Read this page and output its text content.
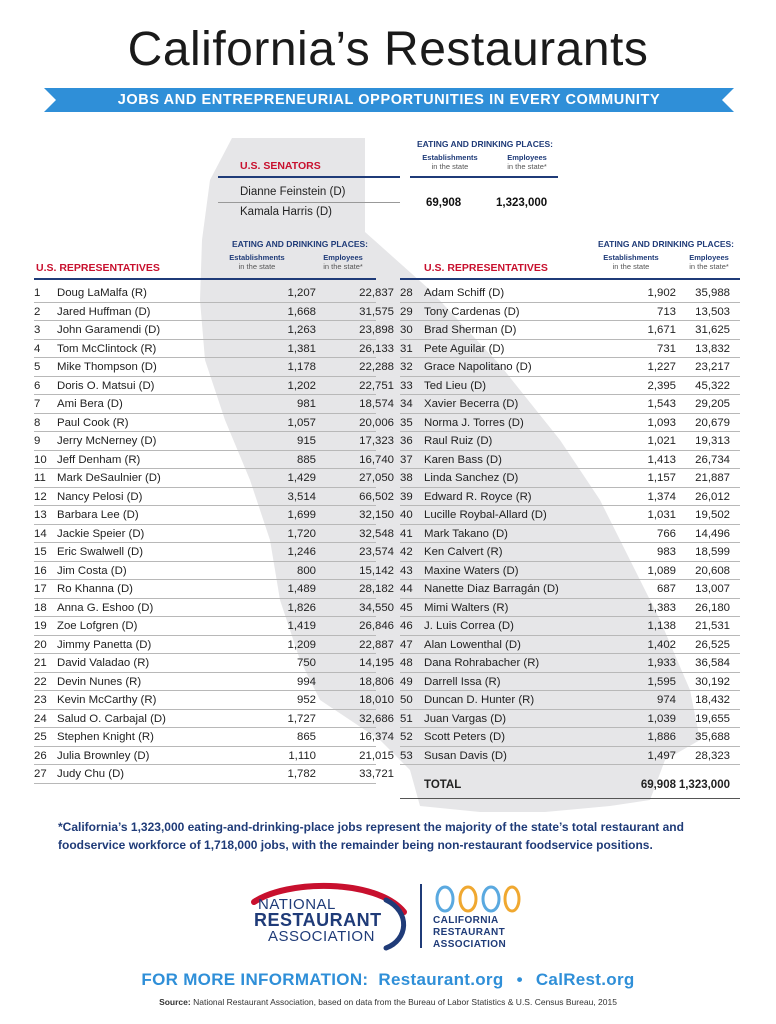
California’s Restaurants
JOBS AND ENTREPRENEURIAL OPPORTUNITIES IN EVERY COMMUNITY
EATING AND DRINKING PLACES:
Establishments
in the state
Employees
in the state*
U.S. SENATORS
Dianne Feinstein (D)
Kamala Harris (D)
69,908	1,323,000
EATING AND DRINKING PLACES:
Establishments
in the state
Employees
in the state*
U.S. REPRESENTATIVES
EATING AND DRINKING PLACES:
Establishments
in the state
Employees
in the state*
U.S. REPRESENTATIVES
1 Doug LaMalfa (R)	1,207	22,837
2 Jared Huffman (D)	1,668	31,575
3 John Garamendi (D)	1,263	23,898
4 Tom McClintock (R)	1,381	26,133
5 Mike Thompson (D)	1,178	22,288
6 Doris O. Matsui (D)	1,202	22,751
7 Ami Bera (D)	981	18,574
8 Paul Cook (R)	1,057	20,006
9 Jerry McNerney (D)	915	17,323
10 Jeff Denham (R)	885	16,740
11 Mark DeSaulnier (D)	1,429	27,050
12 Nancy Pelosi (D)	3,514	66,502
13 Barbara Lee (D)	1,699	32,150
14 Jackie Speier (D)	1,720	32,548
15 Eric Swalwell (D)	1,246	23,574
16 Jim Costa (D)	800	15,142
17 Ro Khanna (D)	1,489	28,182
18 Anna G. Eshoo (D)	1,826	34,550
19 Zoe Lofgren (D)	1,419	26,846
20 Jimmy Panetta (D)	1,209	22,887
21 David Valadao (R)	750	14,195
22 Devin Nunes (R)	994	18,806
23 Kevin McCarthy (R)	952	18,010
24 Salud O. Carbajal (D)	1,727	32,686
25 Stephen Knight (R)	865	16,374
26 Julia Brownley (D)	1,110	21,015
27 Judy Chu (D)	1,782	33,721
28 Adam Schiff (D)	1,902	35,988
29 Tony Cardenas (D)	713	13,503
30 Brad Sherman (D)	1,671	31,625
31 Pete Aguilar (D)	731	13,832
32 Grace Napolitano (D)	1,227	23,217
33 Ted Lieu (D)	2,395	45,322
34 Xavier Becerra (D)	1,543	29,205
35 Norma J. Torres (D)	1,093	20,679
36 Raul Ruiz (D)	1,021	19,313
37 Karen Bass (D)	1,413	26,734
38 Linda Sanchez (D)	1,157	21,887
39 Edward R. Royce (R)	1,374	26,012
40 Lucille Roybal-Allard (D)	1,031	19,502
41 Mark Takano (D)	766	14,496
42 Ken Calvert (R)	983	18,599
43 Maxine Waters (D)	1,089	20,608
44 Nanette Diaz Barragán (D)	687	13,007
45 Mimi Walters (R)	1,383	26,180
46 J. Luis Correa (D)	1,138	21,531
47 Alan Lowenthal (D)	1,402	26,525
48 Dana Rohrabacher (R)	1,933	36,584
49 Darrell Issa (R)	1,595	30,192
50 Duncan D. Hunter (R)	974	18,432
51 Juan Vargas (D)	1,039	19,655
52 Scott Peters (D)	1,886	35,688
53 Susan Davis (D)	1,497	28,323
TOTAL	69,908 1,323,000
*California’s 1,323,000 eating-and-drinking-place jobs represent the majority of the state’s total restaurant and foodservice workforce of 1,718,000 jobs, with the remainder being non-restaurant foodservice positions.
NATIONAL
RESTAURANT
ASSOCIATION
CALIFORNIA
RESTAURANT
ASSOCIATION
FOR MORE INFORMATION: Restaurant.org • CalRest.org
Source: National Restaurant Association, based on data from the Bureau of Labor Statistics & U.S. Census Bureau, 2015
